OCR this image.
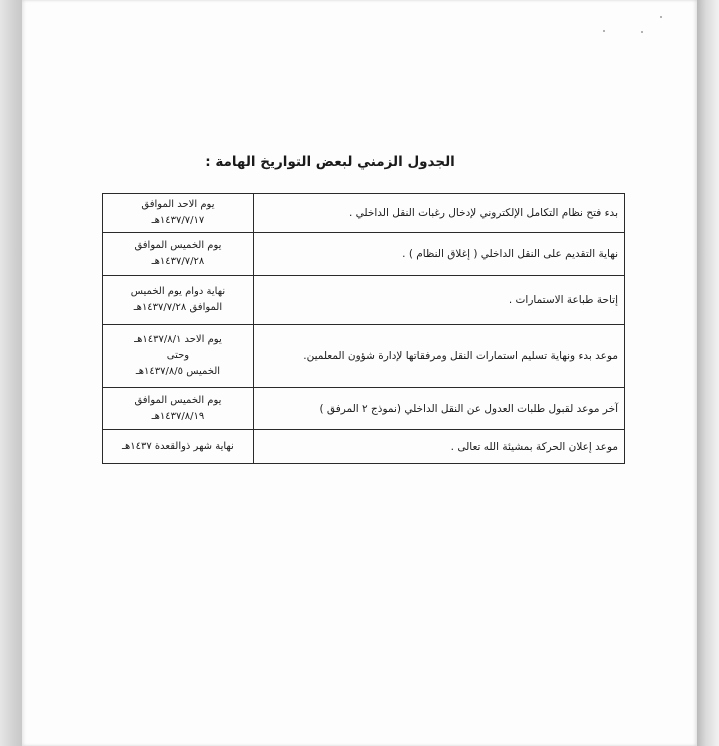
الجدول الزمني لبعض التواريخ الهامة :
بدء فتح نظام التكامل الإلكتروني لإدخال رغبات النقل الداخلي .	يوم الاحد الموافق
١٤٣٧/٧/١٧هـ

نهاية التقديم على النقل الداخلي ( إغلاق النظام ) .	يوم الخميس الموافق
١٤٣٧/٧/٢٨هـ

إتاحة طباعة الاستمارات .	نهاية دوام يوم الخميس
الموافق ١٤٣٧/٧/٢٨هـ

موعد بدء ونهاية تسليم استمارات النقل ومرفقاتها لإدارة شؤون المعلمين.	يوم الاحد ١٤٣٧/٨/١هـ
وحتى
الخميس ١٤٣٧/٨/٥هـ

آخر موعد لقبول طلبات العدول عن النقل الداخلي (نموذج ٢ المرفق )	يوم الخميس الموافق
١٤٣٧/٨/١٩هـ

موعد إعلان الحركة بمشيئة الله تعالى .	نهاية شهر ذوالقعدة ١٤٣٧هـ
